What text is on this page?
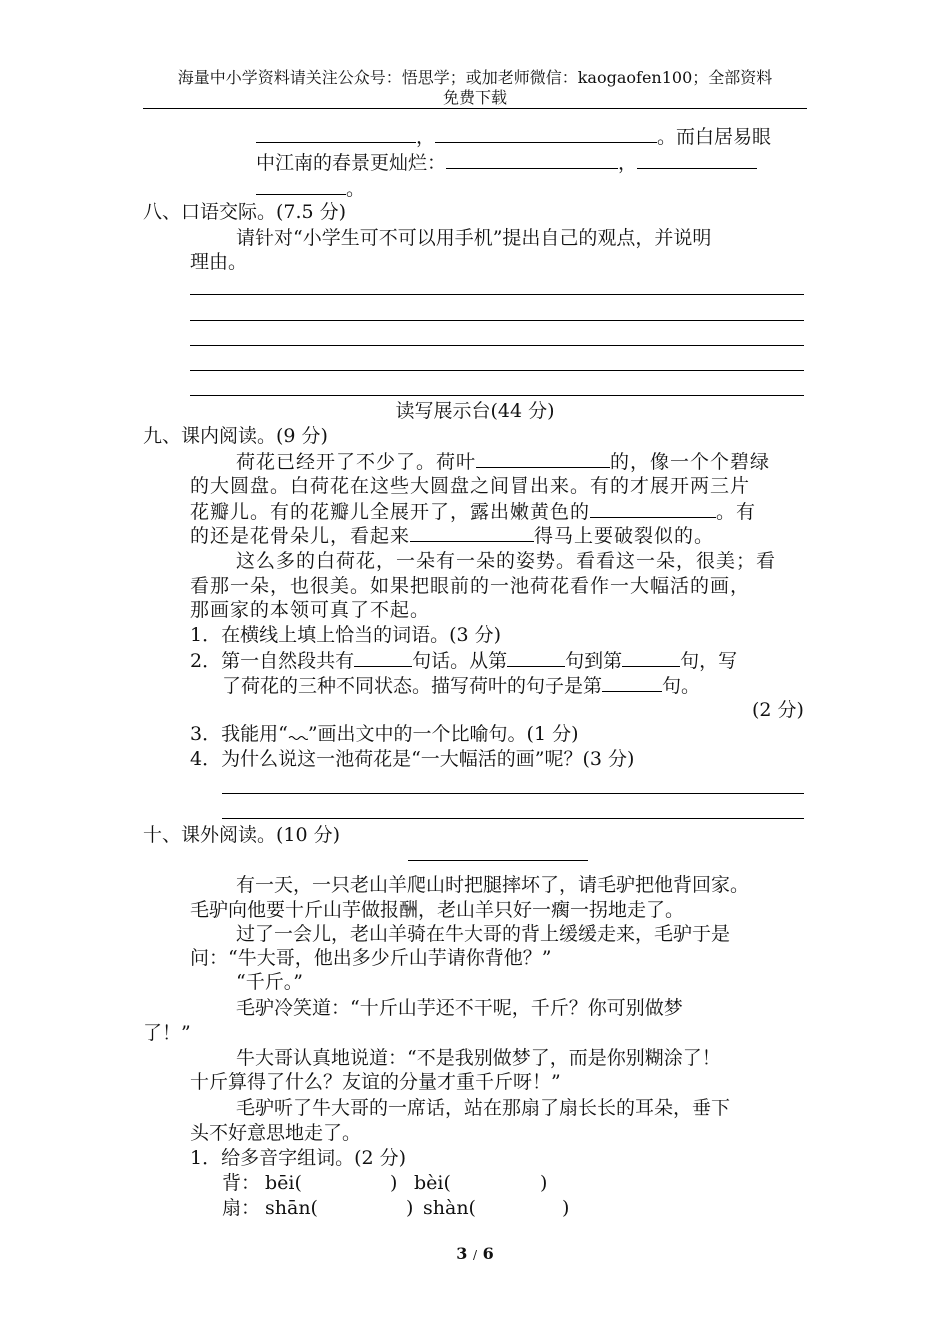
海量中小学资料请关注公众号：悟思学；或加老师微信：kaogaofen100；全部资料
免费下载
，	。而白居易眼
中江南的春景更灿烂：	，
。
八、口语交际。(7.5 分)
请针对“小学生可不可以用手机”提出自己的观点，并说明
理由。
读写展示台(44 分)
九、课内阅读。(9 分)
荷花已经开了不少了。荷叶	的，像一个个碧绿
的大圆盘。白荷花在这些大圆盘之间冒出来。有的才展开两三片
花瓣儿。有的花瓣儿全展开了，露出嫩黄色的	。有
的还是花骨朵儿，看起来	得马上要破裂似的。
这么多的白荷花，一朵有一朵的姿势。看看这一朵，很美；看
看那一朵，也很美。如果把眼前的一池荷花看作一大幅活的画，
那画家的本领可真了不起。
1．在横线上填上恰当的词语。(3 分)
2．第一自然段共有	句话。从第	句到第	句，写
了荷花的三种不同状态。描写荷叶的句子是第	句。
(2 分)
3．我能用“ ”画出文中的一个比喻句。(1 分)
4．为什么说这一池荷花是“一大幅活的画”呢？(3 分)
十、课外阅读。(10 分)
有一天，一只老山羊爬山时把腿摔坏了，请毛驴把他背回家。
毛驴向他要十斤山芋做报酬，老山羊只好一瘸一拐地走了。
过了一会儿，老山羊骑在牛大哥的背上缓缓走来，毛驴于是
问：“牛大哥，他出多少斤山芋请你背他？”
“千斤。”
毛驴冷笑道：“十斤山芋还不干呢，千斤？你可别做梦
了！”
牛大哥认真地说道：“不是我别做梦了，而是你别糊涂了！
十斤算得了什么？友谊的分量才重千斤呀！”
毛驴听了牛大哥的一席话，站在那扇了扇长长的耳朵，垂下
头不好意思地走了。
1．给多音字组词。(2 分)
背： bēi(	) bèi(	)
扇： shān(	) shàn(	)
3 / 6
